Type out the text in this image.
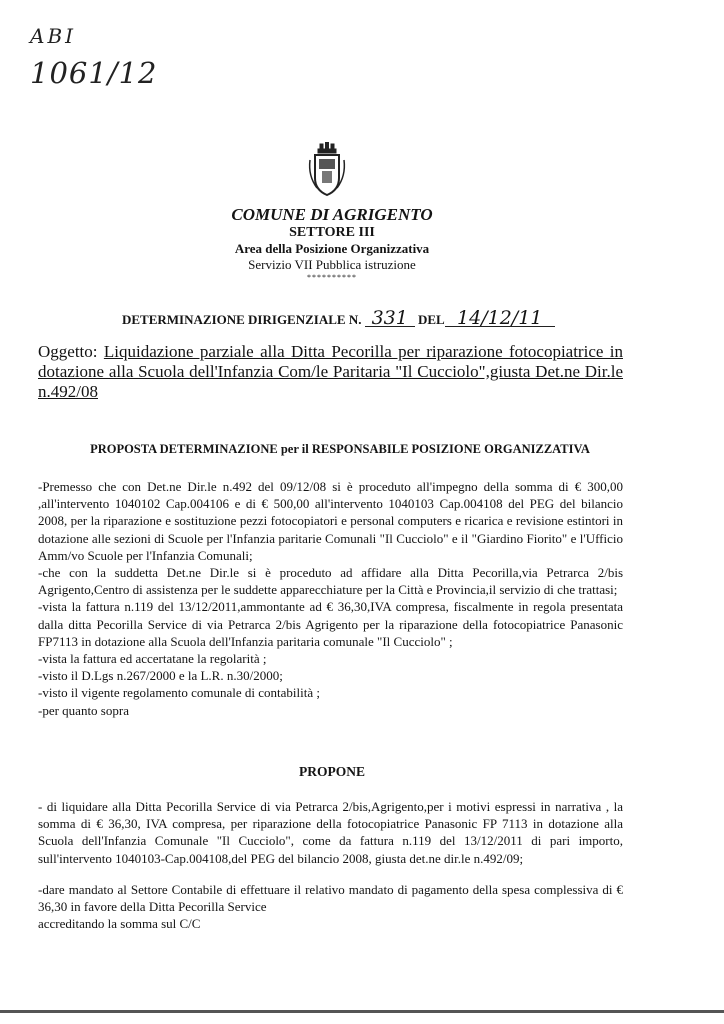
ABI
1061/12
COMUNE DI AGRIGENTO
SETTORE III
Area della Posizione Organizzativa
Servizio VII Pubblica istruzione
**********
DETERMINAZIONE DIRIGENZIALE N. 331 DEL 14/12/11
Oggetto: Liquidazione parziale alla Ditta Pecorilla per riparazione fotocopiatrice in dotazione alla Scuola dell'Infanzia Com/le Paritaria "Il Cucciolo",giusta Det.ne Dir.le n.492/08
PROPOSTA DETERMINAZIONE per il RESPONSABILE POSIZIONE ORGANIZZATIVA

-Premesso che con Det.ne Dir.le n.492 del 09/12/08 si è proceduto all'impegno della somma di € 300,00 ,all'intervento 1040102 Cap.004106 e di € 500,00 all'intervento 1040103 Cap.004108 del PEG del bilancio 2008, per la riparazione e sostituzione pezzi fotocopiatori e personal computers e ricarica e revisione estintori in dotazione alle sezioni di Scuole per l'Infanzia paritarie Comunali "Il Cucciolo" e il "Giardino Fiorito" e l'Ufficio Amm/vo Scuole per l'Infanzia Comunali;

-che con la suddetta Det.ne Dir.le si è proceduto ad affidare alla Ditta Pecorilla,via Petrarca 2/bis Agrigento,Centro di assistenza per le suddette apparecchiature per la Città e Provincia,il servizio di che trattasi;

-vista la fattura n.119 del 13/12/2011,ammontante ad € 36,30,IVA compresa, fiscalmente in regola presentata dalla ditta Pecorilla Service di via Petrarca 2/bis Agrigento per la riparazione della fotocopiatrice Panasonic FP7113 in dotazione alla Scuola dell'Infanzia paritaria comunale "Il Cucciolo" ;

-vista la fattura ed accertatane la regolarità ;

-visto il D.Lgs n.267/2000 e la L.R. n.30/2000;

-visto il vigente regolamento comunale di contabilità ;

-per quanto sopra

PROPONE

- di liquidare alla Ditta Pecorilla Service di via Petrarca 2/bis,Agrigento,per i motivi espressi in narrativa , la somma di € 36,30, IVA compresa, per riparazione della fotocopiatrice Panasonic FP 7113 in dotazione alla Scuola dell'Infanzia Comunale "Il Cucciolo", come da fattura n.119 del 13/12/2011 di pari importo, sull'intervento 1040103-Cap.004108,del PEG del bilancio 2008, giusta det.ne dir.le n.492/09;

-dare mandato al Settore Contabile di effettuare il relativo mandato di pagamento della spesa complessiva di € 36,30 in favore della Ditta Pecorilla Service

accreditando la somma sul C/C
